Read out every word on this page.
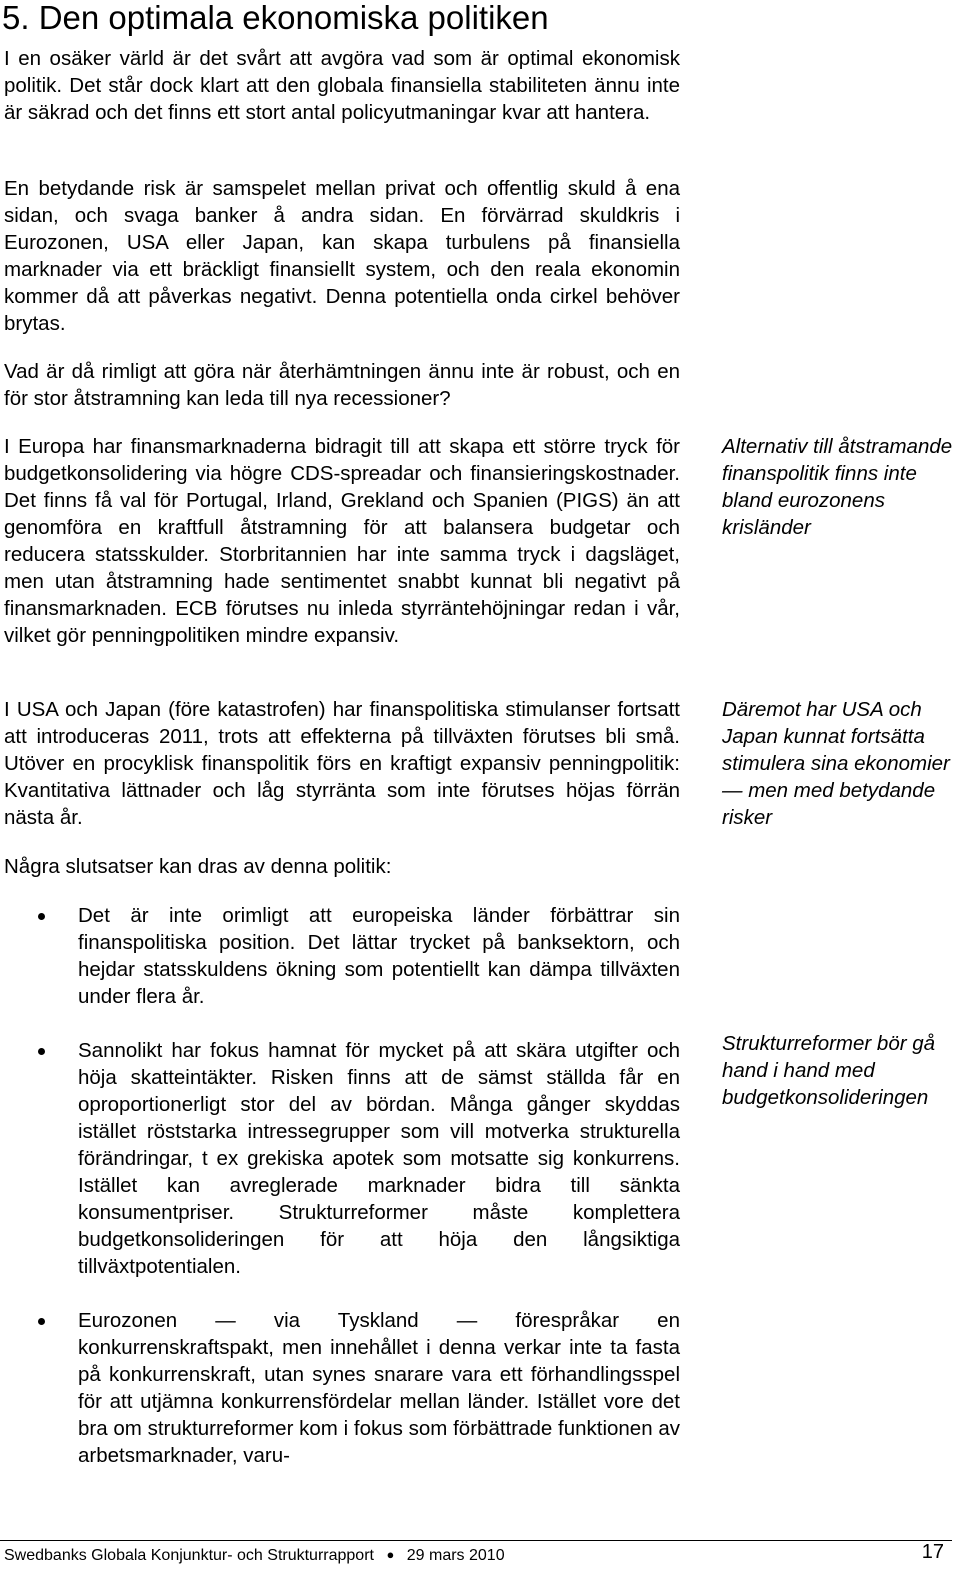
5. Den optimala ekonomiska politiken

I en osäker värld är det svårt att avgöra vad som är optimal ekonomisk politik. Det står dock klart att den globala finansiella stabiliteten ännu inte är säkrad och det finns ett stort antal policyutmaningar kvar att hantera.

En betydande risk är samspelet mellan privat och offentlig skuld å ena sidan, och svaga banker å andra sidan. En förvärrad skuldkris i Eurozonen, USA eller Japan, kan skapa turbulens på finansiella marknader via ett bräckligt finansiellt system, och den reala ekonomin kommer då att påverkas negativt. Denna potentiella onda cirkel behöver brytas.

Vad är då rimligt att göra när återhämtningen ännu inte är robust, och en för stor åtstramning kan leda till nya recessioner?

I Europa har finansmarknaderna bidragit till att skapa ett större tryck för budgetkonsolidering via högre CDS-spreadar och finansieringskostnader. Det finns få val för Portugal, Irland, Grekland och Spanien (PIGS) än att genomföra en kraftfull åtstramning för att balansera budgetar och reducera statsskulder. Storbritannien har inte samma tryck i dagsläget, men utan åtstramning hade sentimentet snabbt kunnat bli negativt på finansmarknaden. ECB förutses nu inleda styrräntehöjningar redan i vår, vilket gör penningpolitiken mindre expansiv.

I USA och Japan (före katastrofen) har finanspolitiska stimulanser fortsatt att introduceras 2011, trots att effekterna på tillväxten förutses bli små. Utöver en procyklisk finanspolitik förs en kraftigt expansiv penningpolitik: Kvantitativa lättnader och låg styrränta som inte förutses höjas förrän nästa år.

Några slutsatser kan dras av denna politik:

Det är inte orimligt att europeiska länder förbättrar sin finanspolitiska position. Det lättar trycket på banksektorn, och hejdar statsskuldens ökning som potentiellt kan dämpa tillväxten under flera år.
Sannolikt har fokus hamnat för mycket på att skära utgifter och höja skatteintäkter. Risken finns att de sämst ställda får en oproportionerligt stor del av bördan. Många gånger skyddas istället röststarka intressegrupper som vill motverka strukturella förändringar, t ex grekiska apotek som motsatte sig konkurrens. Istället kan avreglerade marknader bidra till sänkta konsumentpriser. Strukturreformer måste komplettera budgetkonsolideringen för att höja den långsiktiga tillväxtpotentialen.
Eurozonen — via Tyskland — förespråkar en konkurrenskraftspakt, men innehållet i denna verkar inte ta fasta på konkurrenskraft, utan synes snarare vara ett förhandlingsspel för att utjämna konkurrensfördelar mellan länder. Istället vore det bra om strukturreformer kom i fokus som förbättrade funktionen av arbetsmarknader, varu-

Alternativ till åtstramande finanspolitik finns inte bland eurozonens krisländer

Däremot har USA och Japan kunnat fortsätta stimulera sina ekonomier — men med betydande risker

Strukturreformer bör gå hand i hand med budgetkonsolideringen

Swedbanks Globala Konjunktur- och Strukturrapport ● 29 mars 2010	17
